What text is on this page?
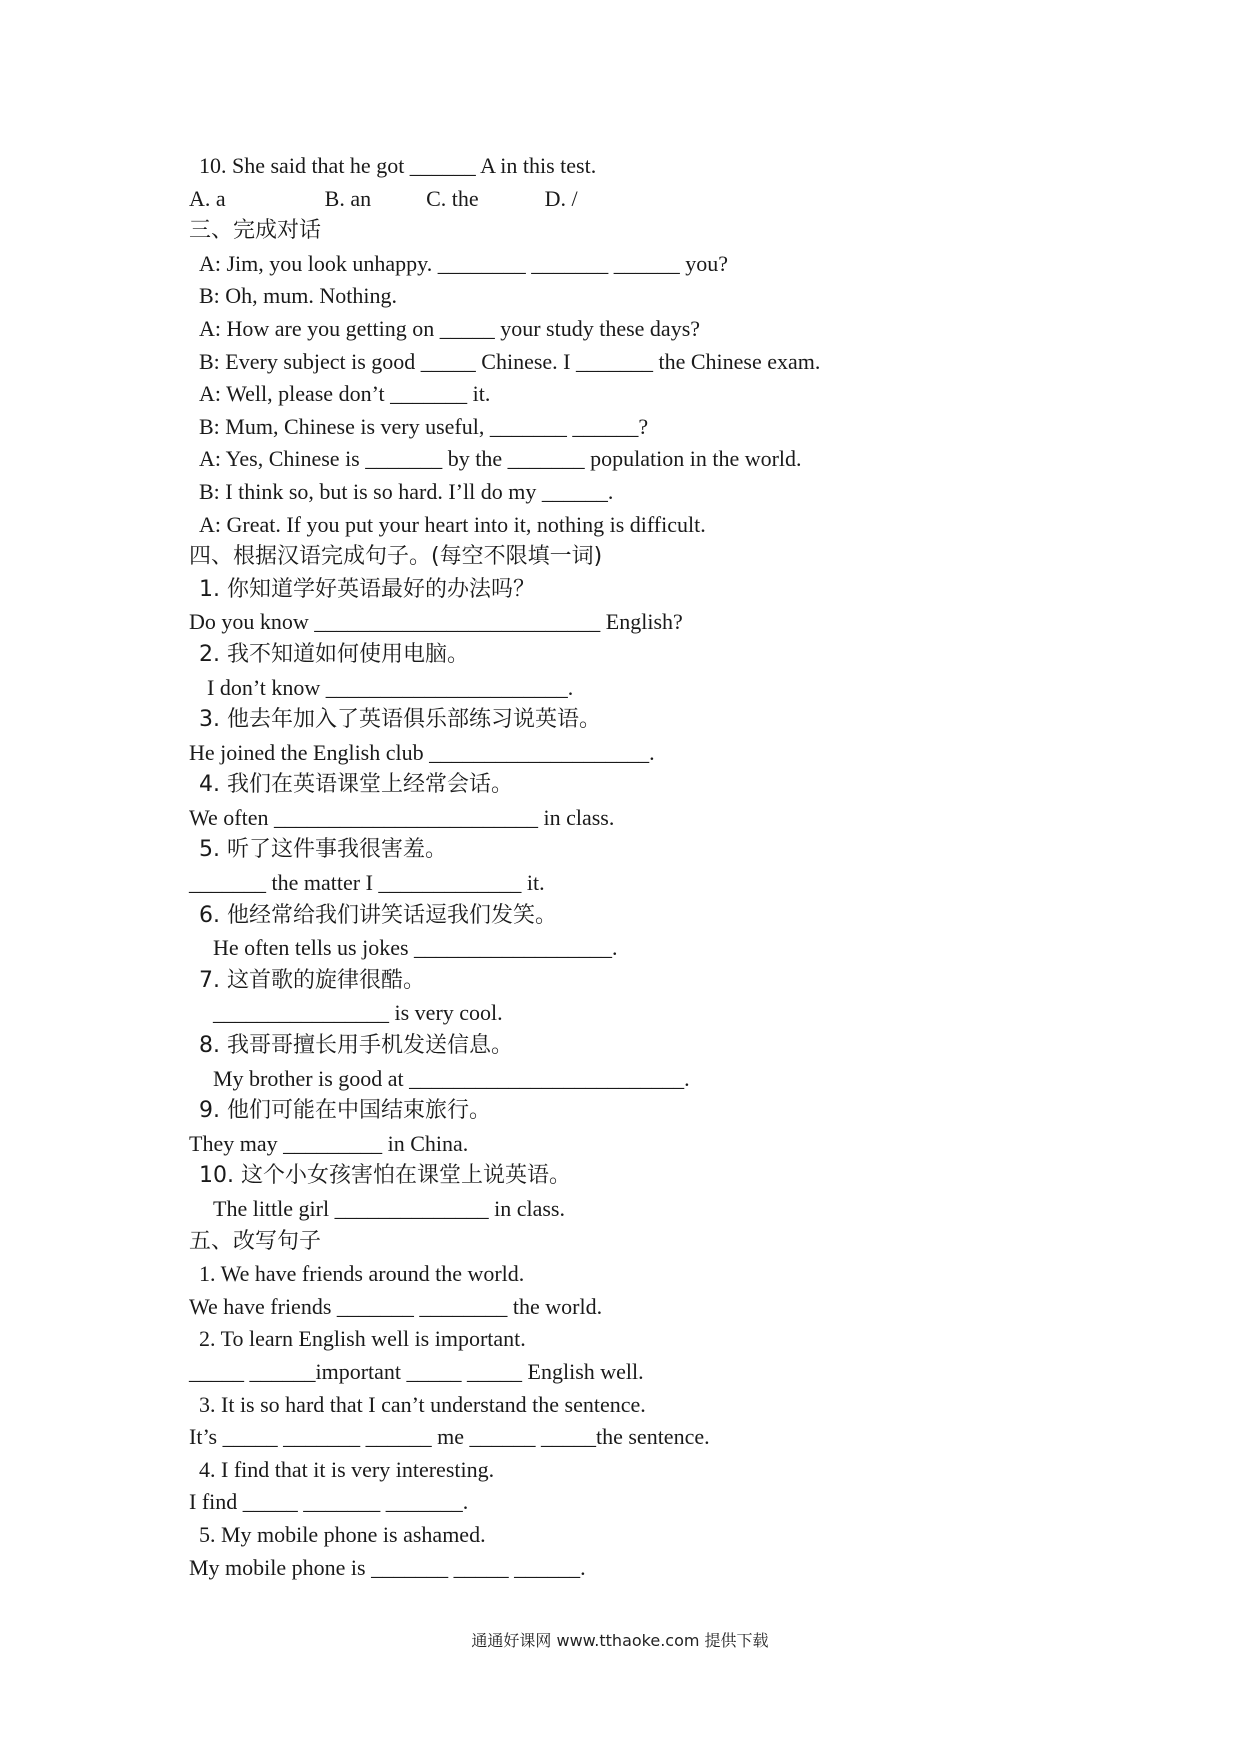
10. She said that he got ______ A in this test.
A. a                  B. an          C. the            D. /
三、完成对话
A: Jim, you look unhappy. ________ _______ ______ you?
B: Oh, mum. Nothing.
A: How are you getting on _____ your study these days?
B: Every subject is good _____ Chinese. I _______ the Chinese exam.
A: Well, please don’t _______ it.
B: Mum, Chinese is very useful, _______ ______?
A: Yes, Chinese is _______ by the _______ population in the world.
B: I think so, but is so hard. I’ll do my ______.
A: Great. If you put your heart into it, nothing is difficult.
四、根据汉语完成句子。(每空不限填一词)
1. 你知道学好英语最好的办法吗？
Do you know __________________________ English?
2. 我不知道如何使用电脑。
I don’t know ______________________.
3. 他去年加入了英语俱乐部练习说英语。
He joined the English club ____________________.
4. 我们在英语课堂上经常会话。
We often ________________________ in class.
5. 听了这件事我很害羞。
_______ the matter I _____________ it.
6. 他经常给我们讲笑话逗我们发笑。
He often tells us jokes __________________.
7. 这首歌的旋律很酷。
________________ is very cool.
8. 我哥哥擅长用手机发送信息。
My brother is good at _________________________.
9. 他们可能在中国结束旅行。
They may _________ in China.
10. 这个小女孩害怕在课堂上说英语。
The little girl ______________ in class.
五、改写句子
1. We have friends around the world.
We have friends _______ ________ the world.
2. To learn English well is important.
_____ ______important _____ _____ English well.
3. It is so hard that I can’t understand the sentence.
It’s _____ _______ ______ me ______ _____the sentence.
4. I find that it is very interesting.
I find _____ _______ _______.
5. My mobile phone is ashamed.
My mobile phone is _______ _____ ______.
通通好课网 www.tthaoke.com 提供下载
